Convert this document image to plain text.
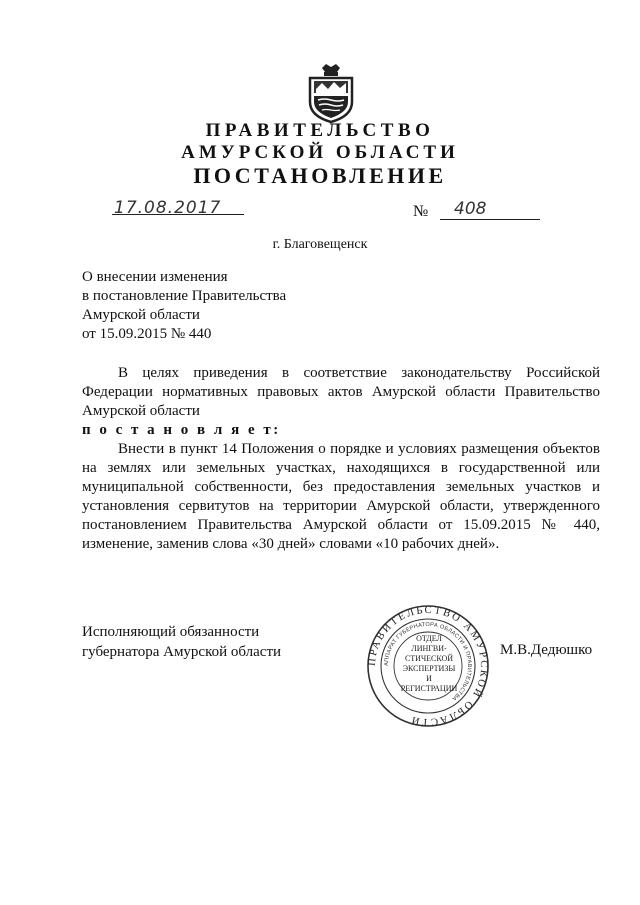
ПРАВИТЕЛЬСТВО
АМУРСКОЙ ОБЛАСТИ
ПОСТАНОВЛЕНИЕ
17.08.2017	№ 408
г. Благовещенск
О внесении изменения
в постановление Правительства
Амурской области
от 15.09.2015 № 440

В целях приведения в соответствие законодательству Российской Федерации нормативных правовых актов Амурской области Правительство Амурской области

п о с т а н о в л я е т:

Внести в пункт 14 Положения о порядке и условиях размещения объектов на землях или земельных участках, находящихся в государственной или муниципальной собственности, без предоставления земельных участков и установления сервитутов на территории Амурской области, утвержденного постановлением Правительства Амурской области от 15.09.2015 № 440, изменение, заменив слова «30 дней» словами «10 рабочих дней».

Исполняющий обязанности
губернатора Амурской области
ПРАВИТЕЛЬСТВО АМУРСКОЙ ОБЛАСТИ
АППАРАТ ГУБЕРНАТОРА ОБЛАСТИ И ПРАВИТЕЛЬСТВА
ОТДЕЛ
ЛИНГВИ-
СТИЧЕСКОЙ
ЭКСПЕРТИЗЫ И
РЕГИСТРАЦИИ
М.В.Дедюшко
